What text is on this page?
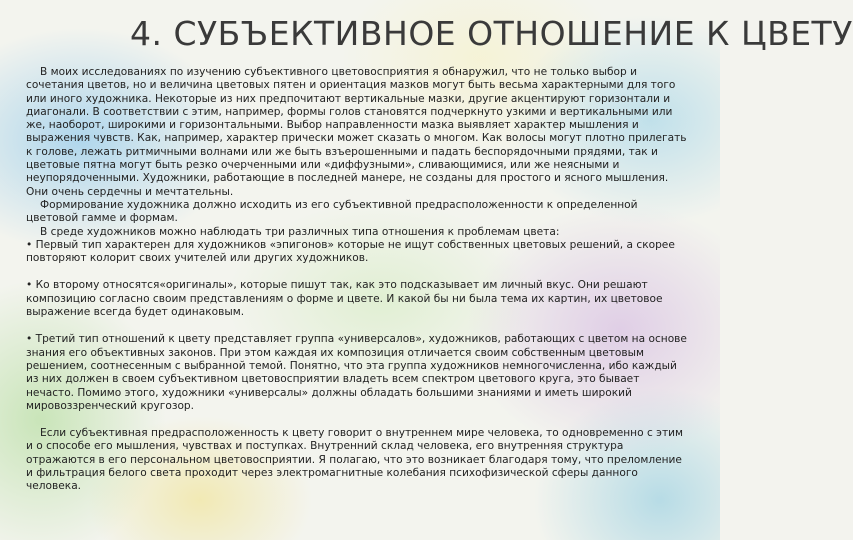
4. СУБЪЕКТИВНОЕ ОТНОШЕНИЕ К ЦВЕТУ

В моих исследованиях по изучению субъективного цветовосприятия я обнаружил, что не только выбор и сочетания цветов, но и величина цветовых пятен и ориентация мазков могут быть весьма характерными для того или иного художника. Некоторые из них предпочитают вертикальные мазки, другие акцентируют горизонтали и диагонали. В соответствии с этим, например, формы голов становятся подчеркнуто узкими и вертикальными или же, наоборот, широкими и горизонтальными. Выбор направленности мазка выявляет характер мышления и выражения чувств. Как, например, характер прически может сказать о многом. Как волосы могут плотно прилегать к голове, лежать ритмичными волнами или же быть взъерошенными и падать беспорядочными прядями, так и цветовые пятна могут быть резко очерченными или «диффузными», сливающимися, или же неясными и неупорядоченными. Художники, работающие в последней манере, не созданы для простого и ясного мышления. Они очень сердечны и мечтательны.

Формирование художника должно исходить из его субъективной предрасположенности к определенной цветовой гамме и формам.

В среде художников можно наблюдать три различных типа отношения к проблемам цвета:

• Первый тип характерен для художников «эпигонов» которые не ищут собственных цветовых решений, а скорее повторяют колорит своих учителей или других художников.

• Ко второму относятся«оригиналы», которые пишут так, как это подсказывает им личный вкус. Они решают композицию согласно своим представлениям о форме и цвете. И какой бы ни была тема их картин, их цветовое выражение всегда будет одинаковым.

• Третий тип отношений к цвету представляет группа «универсалов», художников, работающих с цветом на основе знания его объективных законов. При этом каждая их композиция отличается своим собственным цветовым решением, соотнесенным с выбранной темой. Понятно, что эта группа художников немногочисленна, ибо каждый из них должен в своем субъективном цветовосприятии владеть всем спектром цветового круга, это бывает нечасто. Помимо этого, художники «универсалы» должны обладать большими знаниями и иметь широкий мировоззренческий кругозор.

Если субъективная предрасположенность к цвету говорит о внутреннем мире человека, то одновременно с этим и о способе его мышления, чувствах и поступках. Внутренний склад человека, его внутренняя структура отражаются в его персональном цветовосприятии. Я полагаю, что это возникает благодаря тому, что преломление и фильтрация белого света проходит через электромагнитные колебания психофизической сферы данного человека.
